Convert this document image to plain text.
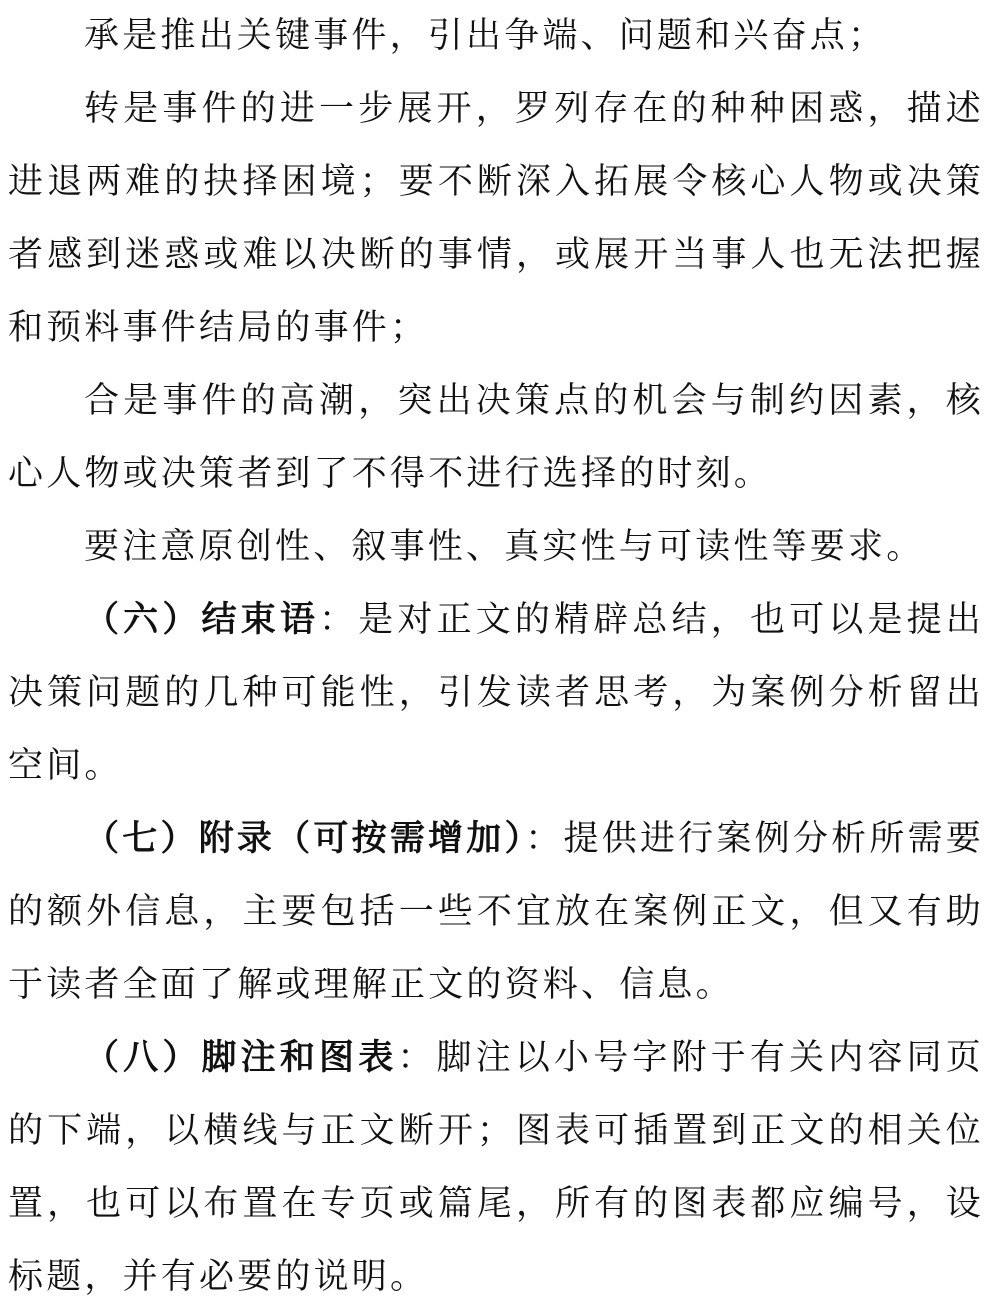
承是推出关键事件，引出争端、问题和兴奋点；

转是事件的进一步展开，罗列存在的种种困惑，描述进退两难的抉择困境；要不断深入拓展令核心人物或决策者感到迷惑或难以决断的事情，或展开当事人也无法把握和预料事件结局的事件；

合是事件的高潮，突出决策点的机会与制约因素，核心人物或决策者到了不得不进行选择的时刻。

要注意原创性、叙事性、真实性与可读性等要求。

（六）结束语：是对正文的精辟总结，也可以是提出决策问题的几种可能性，引发读者思考，为案例分析留出空间。

（七）附录（可按需增加）：提供进行案例分析所需要的额外信息，主要包括一些不宜放在案例正文，但又有助于读者全面了解或理解正文的资料、信息。

（八）脚注和图表：脚注以小号字附于有关内容同页的下端，以横线与正文断开；图表可插置到正文的相关位置，也可以布置在专页或篇尾，所有的图表都应编号，设标题，并有必要的说明。
